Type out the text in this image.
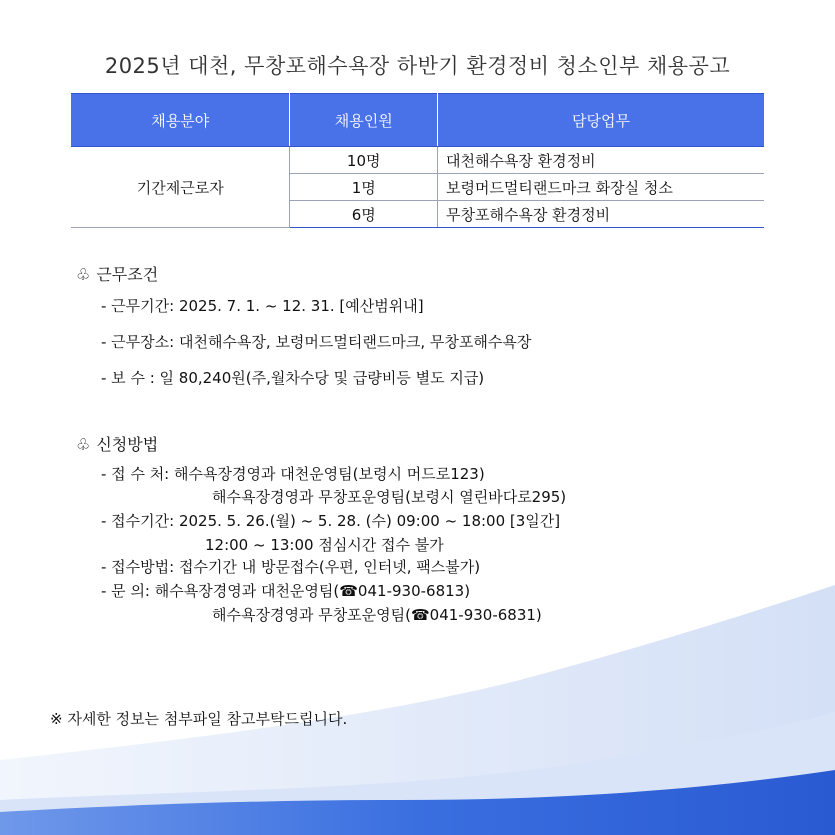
2025년 대천, 무창포해수욕장 하반기 환경정비 청소인부 채용공고
채용분야	채용인원	담당업무
기간제근로자	10명	대천해수욕장 환경정비
	1명	보령머드멀티랜드마크 화장실 청소
	6명	무창포해수욕장 환경정비
♧ 근무조건
- 근무기간: 2025. 7. 1. ~ 12. 31. [예산범위내]
- 근무장소: 대천해수욕장, 보령머드멀티랜드마크, 무창포해수욕장
- 보 수 : 일 80,240원(주,월차수당 및 급량비등 별도 지급)
♧ 신청방법
- 접 수 처: 해수욕장경영과 대천운영팀(보령시 머드로123)
해수욕장경영과 무창포운영팀(보령시 열린바다로295)
- 접수기간: 2025. 5. 26.(월) ~ 5. 28. (수) 09:00 ~ 18:00 [3일간]
12:00 ~ 13:00 점심시간 접수 불가
- 접수방법: 접수기간 내 방문접수(우편, 인터넷, 팩스불가)
- 문 의: 해수욕장경영과 대천운영팀(☎041-930-6813)
해수욕장경영과 무창포운영팀(☎041-930-6831)
※ 자세한 정보는 첨부파일 참고부탁드립니다.
